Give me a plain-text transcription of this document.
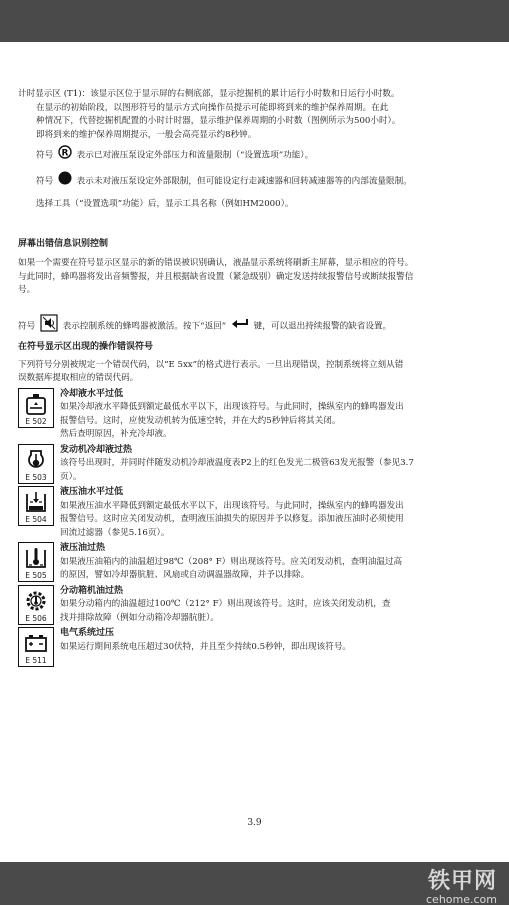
计时显示区 (T1)：该显示区位于显示屏的右侧底部，显示挖掘机的累计运行小时数和日运行小时数。

在显示的初始阶段，以图形符号的显示方式向操作员提示可能即将到来的维护保养周期。在此

种情况下，代替挖掘机配置的小时计时器，显示维护保养周期的小时数（图例所示为500小时）。

即将到来的维护保养周期提示，一般会高亮显示约8秒钟。

符号 R 表示已对液压泵设定外部压力和流量限制（“设置选项”功能）。

符号	表示未对液压泵设定外部限制，但可能设定行走减速器和回转减速器等的内部流量限制。

选择工具（“设置选项”功能）后，显示工具名称（例如HM2000）。

屏幕出错信息识别控制

如果一个需要在符号显示区显示的新的错误被识别确认，液晶显示系统将刷新主屏幕，显示相应的符号。

与此同时，蜂鸣器将发出音频警报，并且根据缺省设置（紧急级别）确定发送持续报警信号或断续报警信

号。

符号	表示控制系统的蜂鸣器被激活。按下“返回”	键，可以退出持续报警的缺省设置。

在符号显示区出现的操作错误符号

下列符号分别被规定一个错误代码，以“E 5xx”的格式进行表示。一旦出现错误，控制系统将立刻从错

误数据库提取相应的错误代码。

E 502

冷却液水平过低

如果冷却液水平降低到额定最低水平以下，出现该符号。与此同时，操纵室内的蜂鸣器发出

报警信号。这时，应使发动机转为低速空转，并在大约5秒钟后将其关闭。

然后查明原因，补充冷却液。

E 503

发动机冷却液过热

该符号出现时，并同时伴随发动机冷却液温度表P2上的红色发光二极管63发光报警（参见3.7

页）。

E 504

液压油水平过低

如果液压油水平降低到额定最低水平以下，出现该符号。与此同时，操纵室内的蜂鸣器发出

报警信号。这时应关闭发动机，查明液压油损失的原因并予以修复。添加液压油时必须使用

回流过滤器（参见5.16页）。

E 505

液压油过热

如果液压油箱内的油温超过98℃（208° F）则出现该符号。应关闭发动机，查明油温过高

的原因，譬如冷却器肮脏、风扇或自动调温器故障，并予以排除。

E 506

分动箱机油过热

如果分动箱内的油温超过100℃（212° F）则出现该符号。这时，应该关闭发动机，查

找并排除故障（例如分动箱冷却器肮脏）。

E 511

电气系统过压

如果运行期间系统电压超过30伏特，并且至少持续0.5秒钟，即出现该符号。

3.9
铁甲网
cehome.com
